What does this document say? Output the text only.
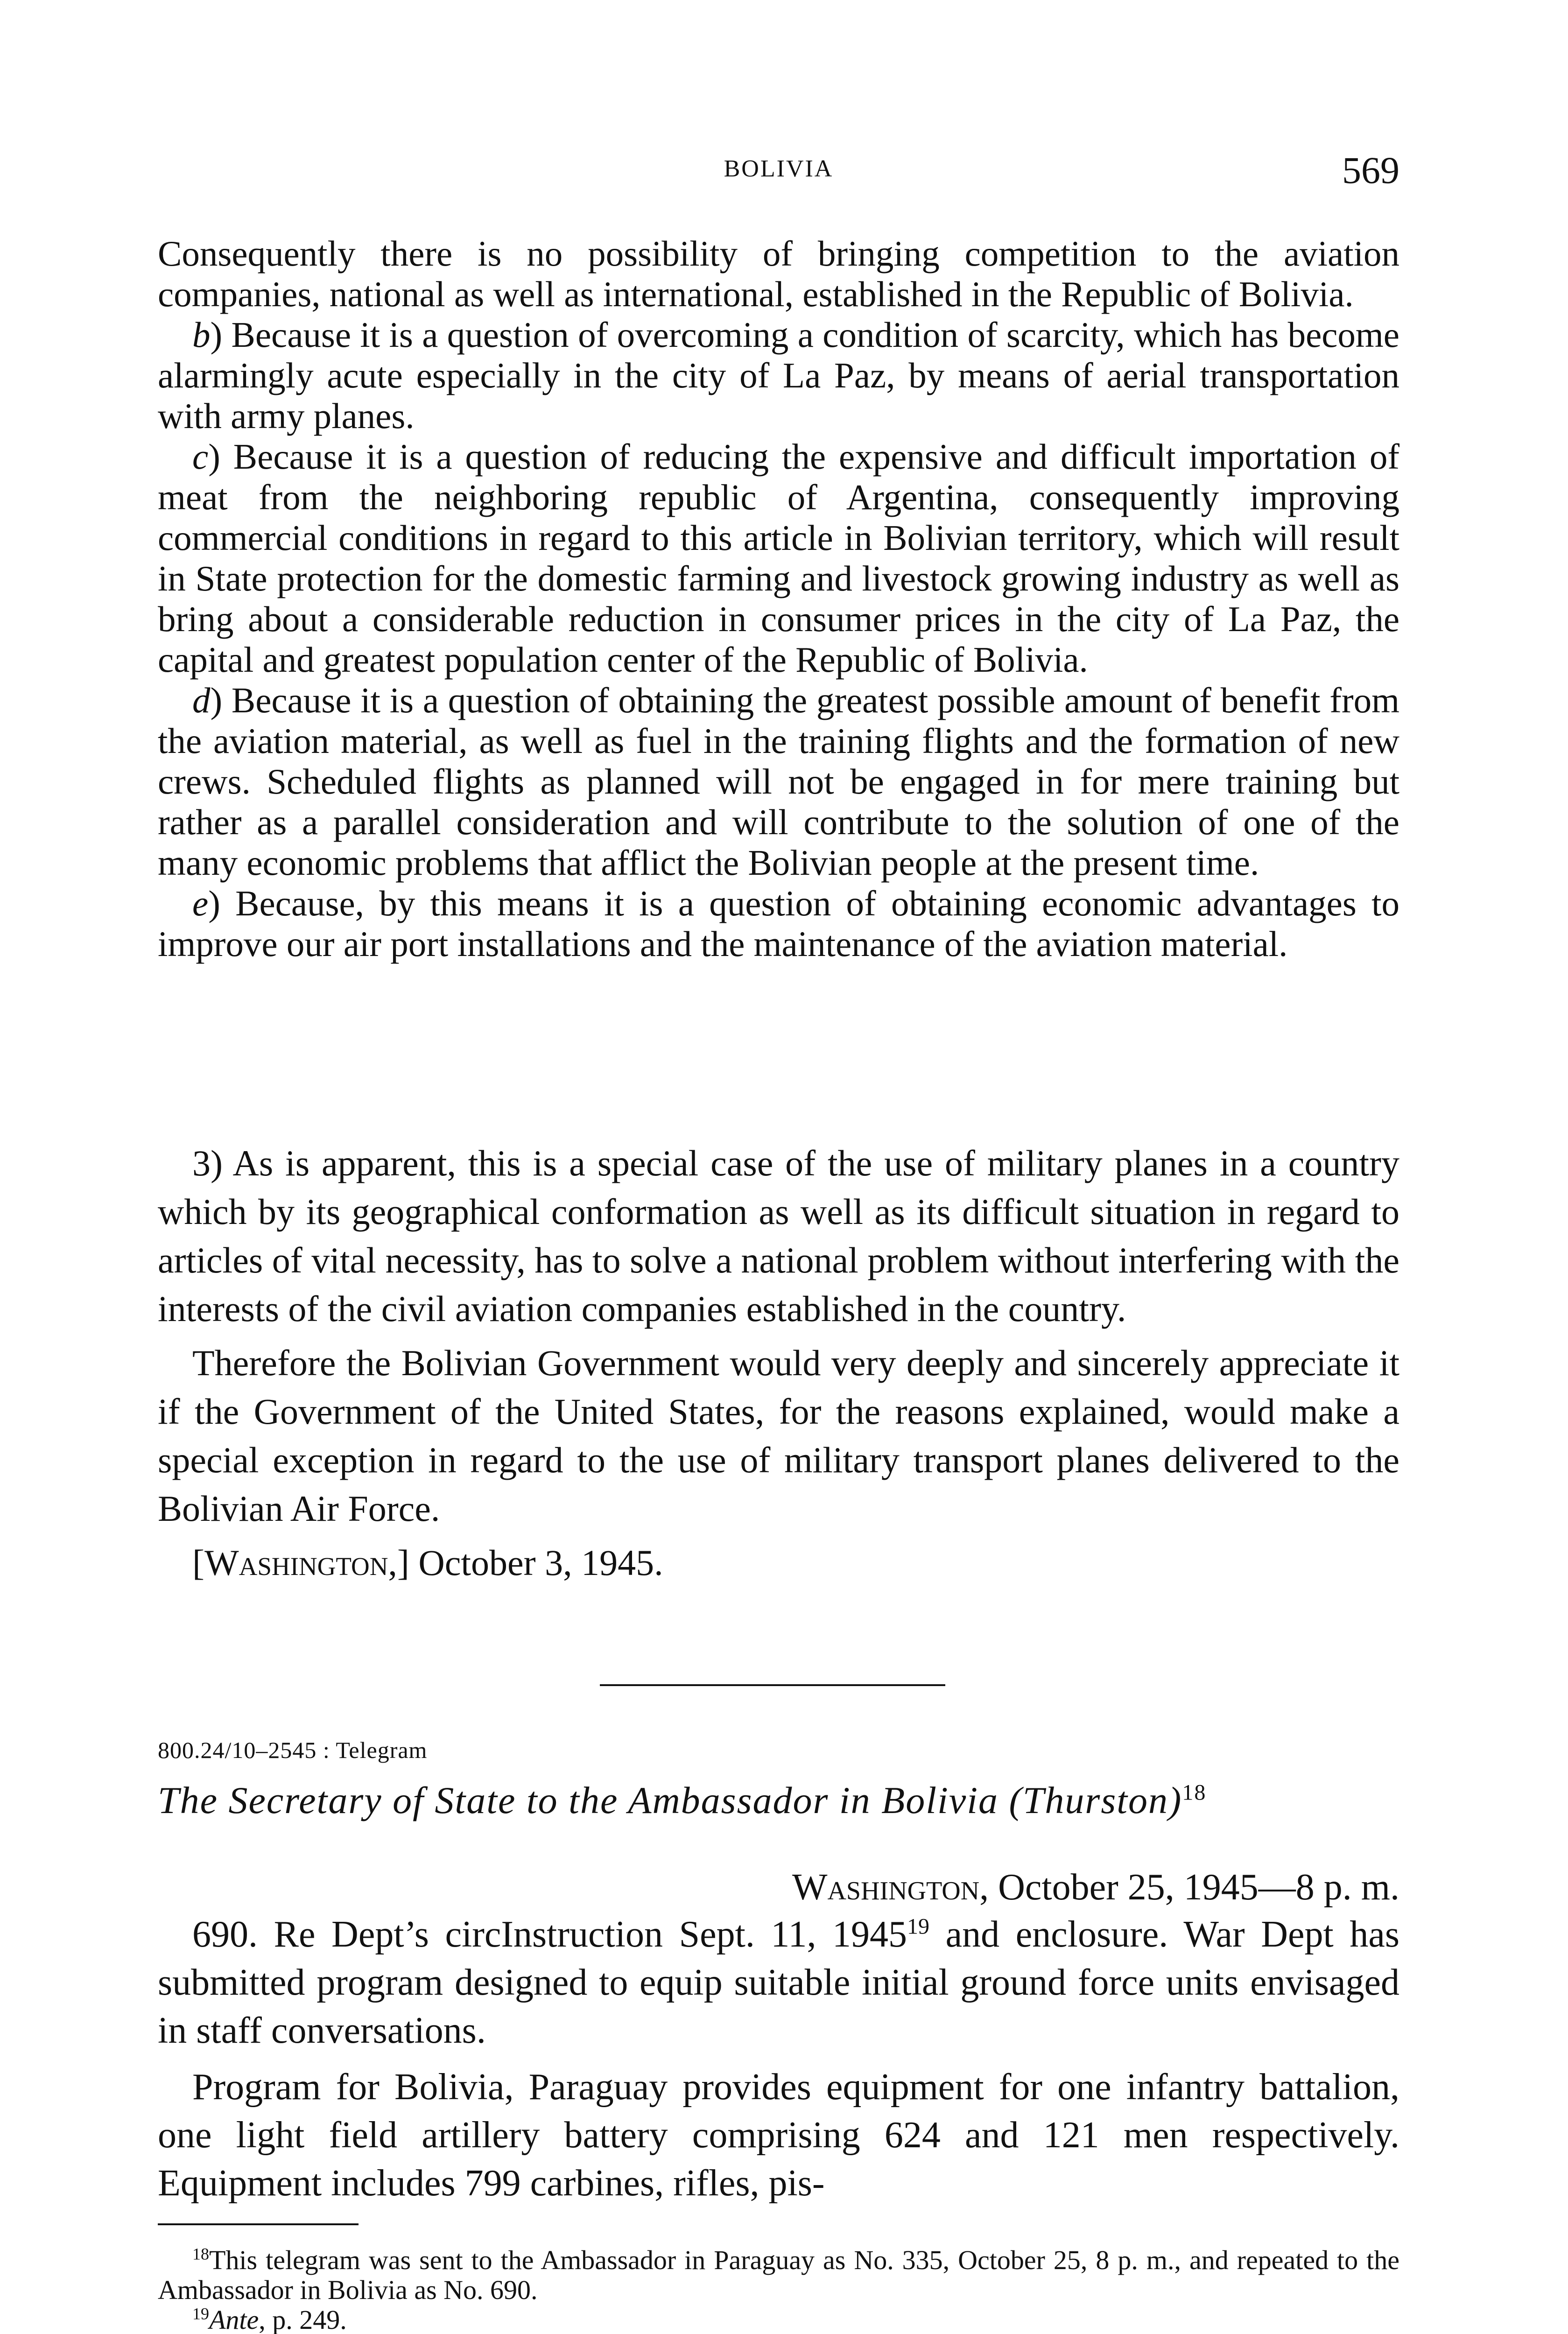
BOLIVIA	569

Consequently there is no possibility of bringing competition to the aviation companies, national as well as international, established in the Republic of Bolivia.

b) Because it is a question of overcoming a condition of scarcity, which has become alarmingly acute especially in the city of La Paz, by means of aerial transportation with army planes.

c) Because it is a question of reducing the expensive and difficult importation of meat from the neighboring republic of Argentina, consequently improving commercial conditions in regard to this article in Bolivian territory, which will result in State protection for the domestic farming and livestock growing industry as well as bring about a considerable reduction in consumer prices in the city of La Paz, the capital and greatest population center of the Republic of Bolivia.

d) Because it is a question of obtaining the greatest possible amount of benefit from the aviation material, as well as fuel in the training flights and the formation of new crews. Scheduled flights as planned will not be engaged in for mere training but rather as a parallel consideration and will contribute to the solution of one of the many economic problems that afflict the Bolivian people at the present time.

e) Because, by this means it is a question of obtaining economic advantages to improve our air port installations and the maintenance of the aviation material.

3) As is apparent, this is a special case of the use of military planes in a country which by its geographical conformation as well as its difficult situation in regard to articles of vital necessity, has to solve a national problem without interfering with the interests of the civil aviation companies established in the country.

Therefore the Bolivian Government would very deeply and sincerely appreciate it if the Government of the United States, for the reasons explained, would make a special exception in regard to the use of military transport planes delivered to the Bolivian Air Force.

[Washington,] October 3, 1945.

800.24/10–2545 : Telegram
The Secretary of State to the Ambassador in Bolivia (Thurston)$^{18}$
Washington, October 25, 1945—8 p. m.

690. Re Dept’s circInstruction Sept. 11, 1945$^{19}$ and enclosure. War Dept has submitted program designed to equip suitable initial ground force units envisaged in staff conversations.

Program for Bolivia, Paraguay provides equipment for one infantry battalion, one light field artillery battery comprising 624 and 121 men respectively. Equipment includes 799 carbines, rifles, pis-

$^{18}$This telegram was sent to the Ambassador in Paraguay as No. 335, October 25, 8 p. m., and repeated to the Ambassador in Bolivia as No. 690.

$^{19}$Ante, p. 249.
